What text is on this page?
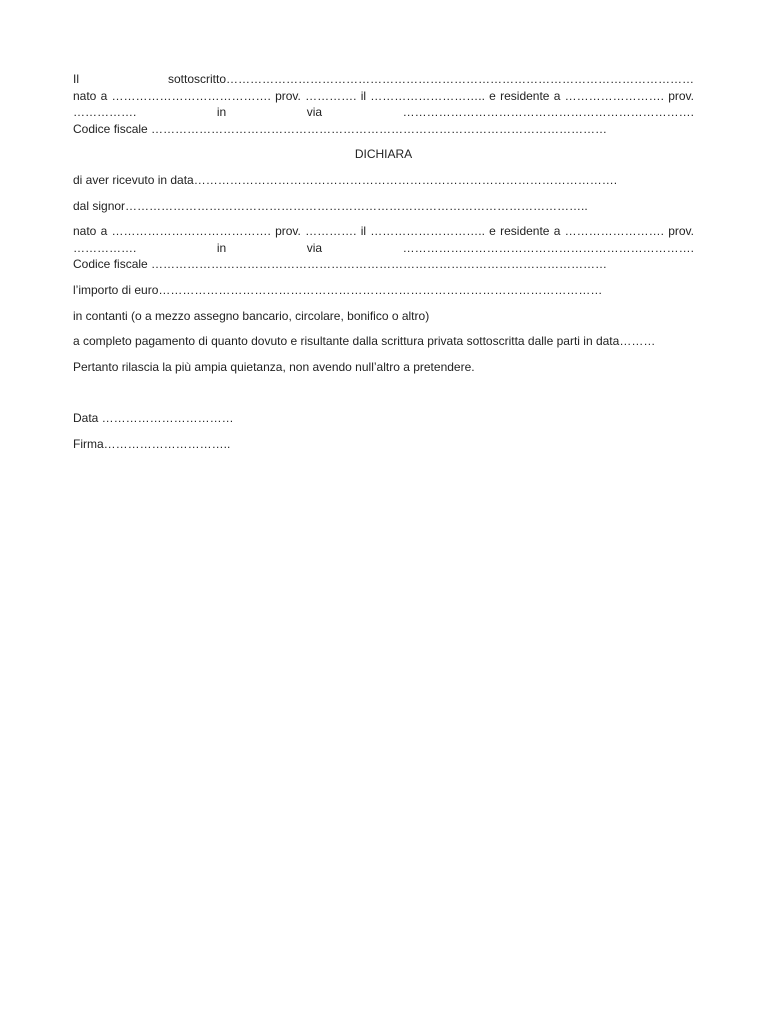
Il sottoscritto………………………………………………………………………………………………………
nato a …………………………………. prov. …………. il ……………………….. e residente a ……………………. prov.
……………. in via ……………………………………………………………….
Codice fiscale ……………………………………………………………………………………………………
DICHIARA
di aver ricevuto in data…………………………………………………………………………………………….
dal signor……………………………………………………………………………………………………..
nato a …………………………………. prov. …………. il ……………………….. e residente a ……………………. prov.
……………. in via ……………………………………………………………….
Codice fiscale ……………………………………………………………………………………………………
l’importo di euro…………………………………………………………………………………………………
in contanti (o a mezzo assegno bancario, circolare, bonifico o altro)
a completo pagamento di quanto dovuto e risultante dalla scrittura privata sottoscritta dalle parti in data………
Pertanto rilascia la più ampia quietanza, non avendo null’altro a pretendere.
Data ……………………………
Firma…………………………..
